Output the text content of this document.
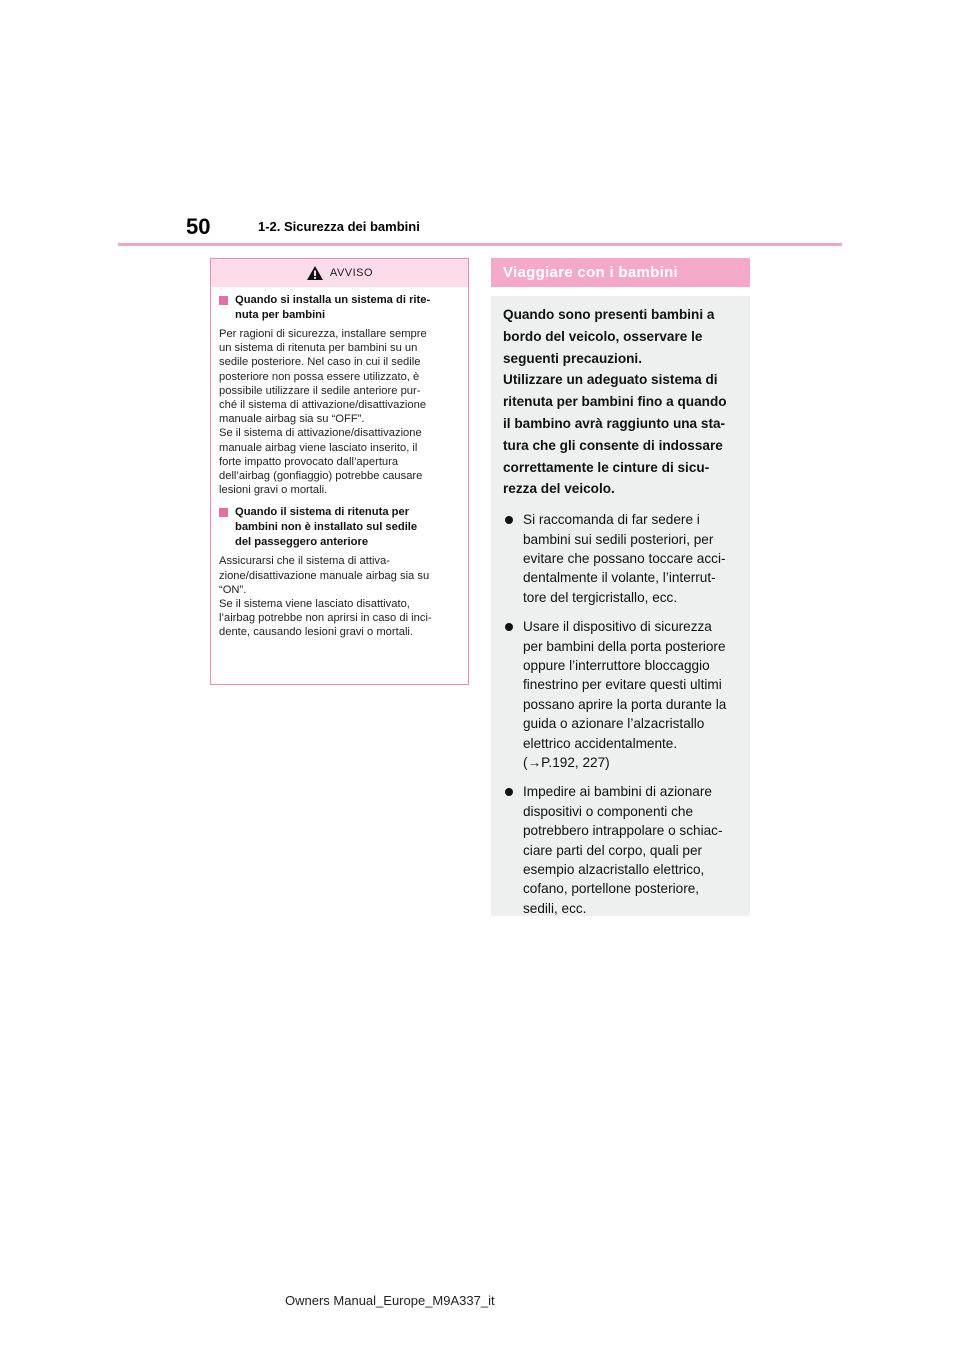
50	1-2. Sicurezza dei bambini
AVVISO
Quando si installa un sistema di rite-
nuta per bambini
Per ragioni di sicurezza, installare sempre
un sistema di ritenuta per bambini su un
sedile posteriore. Nel caso in cui il sedile
posteriore non possa essere utilizzato, è
possibile utilizzare il sedile anteriore pur-
ché il sistema di attivazione/disattivazione
manuale airbag sia su “OFF”.
Se il sistema di attivazione/disattivazione
manuale airbag viene lasciato inserito, il
forte impatto provocato dall’apertura
dell’airbag (gonfiaggio) potrebbe causare
lesioni gravi o mortali.
Quando il sistema di ritenuta per
bambini non è installato sul sedile
del passeggero anteriore
Assicurarsi che il sistema di attiva-
zione/disattivazione manuale airbag sia su
“ON”.
Se il sistema viene lasciato disattivato,
l’airbag potrebbe non aprirsi in caso di inci-
dente, causando lesioni gravi o mortali.
Viaggiare con i bambini

Quando sono presenti bambini a
bordo del veicolo, osservare le
seguenti precauzioni.
Utilizzare un adeguato sistema di
ritenuta per bambini fino a quando
il bambino avrà raggiunto una sta-
tura che gli consente di indossare
correttamente le cinture di sicu-
rezza del veicolo.

Si raccomanda di far sedere i
bambini sui sedili posteriori, per
evitare che possano toccare acci-
dentalmente il volante, l’interrut-
tore del tergicristallo, ecc.
Usare il dispositivo di sicurezza
per bambini della porta posteriore
oppure l’interruttore bloccaggio
finestrino per evitare questi ultimi
possano aprire la porta durante la
guida o azionare l’alzacristallo
elettrico accidentalmente.
(→P.192, 227)
Impedire ai bambini di azionare
dispositivi o componenti che
potrebbero intrappolare o schiac-
ciare parti del corpo, quali per
esempio alzacristallo elettrico,
cofano, portellone posteriore,
sedili, ecc.
Owners Manual_Europe_M9A337_it
